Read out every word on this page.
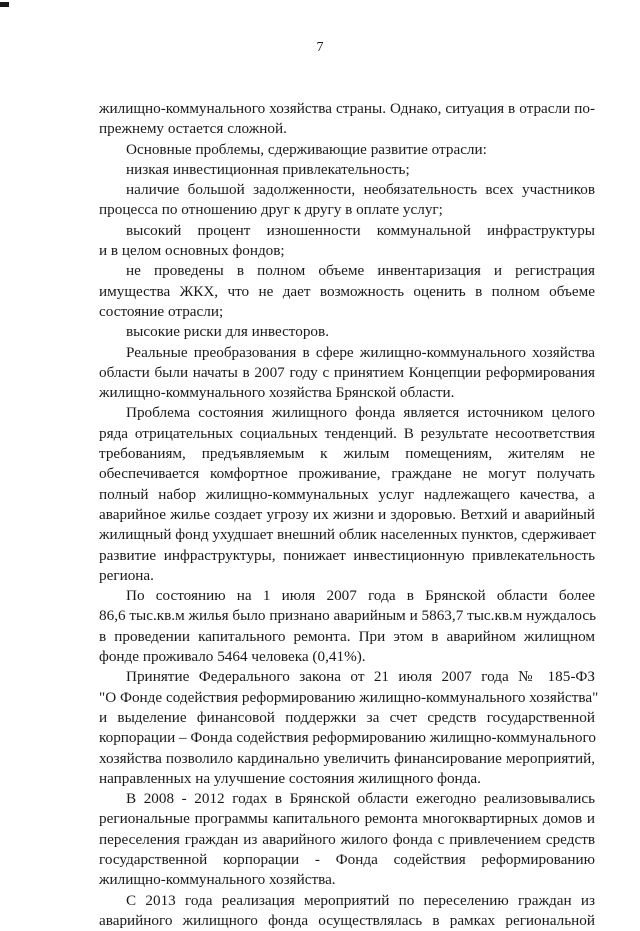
7
жилищно-коммунального хозяйства страны. Однако, ситуация в отрасли по-
прежнему остается сложной.
Основные проблемы, сдерживающие развитие отрасли:
низкая инвестиционная привлекательность;
наличие большой задолженности, необязательность всех участников
процесса по отношению друг к другу в оплате услуг;
высокий процент изношенности коммунальной инфраструктуры
и в целом основных фондов;
не проведены в полном объеме инвентаризация и регистрация
имущества ЖКХ, что не дает возможность оценить в полном объеме
состояние отрасли;
высокие риски для инвесторов.
Реальные преобразования в сфере жилищно-коммунального хозяйства
области были начаты в 2007 году с принятием Концепции реформирования
жилищно-коммунального хозяйства Брянской области.
Проблема состояния жилищного фонда является источником целого
ряда отрицательных социальных тенденций. В результате несоответствия
требованиям, предъявляемым к жилым помещениям, жителям не
обеспечивается комфортное проживание, граждане не могут получать
полный набор жилищно-коммунальных услуг надлежащего качества, а
аварийное жилье создает угрозу их жизни и здоровью. Ветхий и аварийный
жилищный фонд ухудшает внешний облик населенных пунктов, сдерживает
развитие инфраструктуры, понижает инвестиционную привлекательность
региона.
По состоянию на 1 июля 2007 года в Брянской области более
86,6 тыс.кв.м жилья было признано аварийным и 5863,7 тыс.кв.м нуждалось
в проведении капитального ремонта. При этом в аварийном жилищном
фонде проживало 5464 человека (0,41%).
Принятие Федерального закона от 21 июля 2007 года № 185-ФЗ
"О Фонде содействия реформированию жилищно-коммунального хозяйства"
и выделение финансовой поддержки за счет средств государственной
корпорации – Фонда содействия реформированию жилищно-коммунального
хозяйства позволило кардинально увеличить финансирование мероприятий,
направленных на улучшение состояния жилищного фонда.
В 2008 - 2012 годах в Брянской области ежегодно реализовывались
региональные программы капитального ремонта многоквартирных домов и
переселения граждан из аварийного жилого фонда с привлечением средств
государственной корпорации - Фонда содействия реформированию
жилищно-коммунального хозяйства.
С 2013 года реализация мероприятий по переселению граждан из
аварийного жилищного фонда осуществлялась в рамках региональной
